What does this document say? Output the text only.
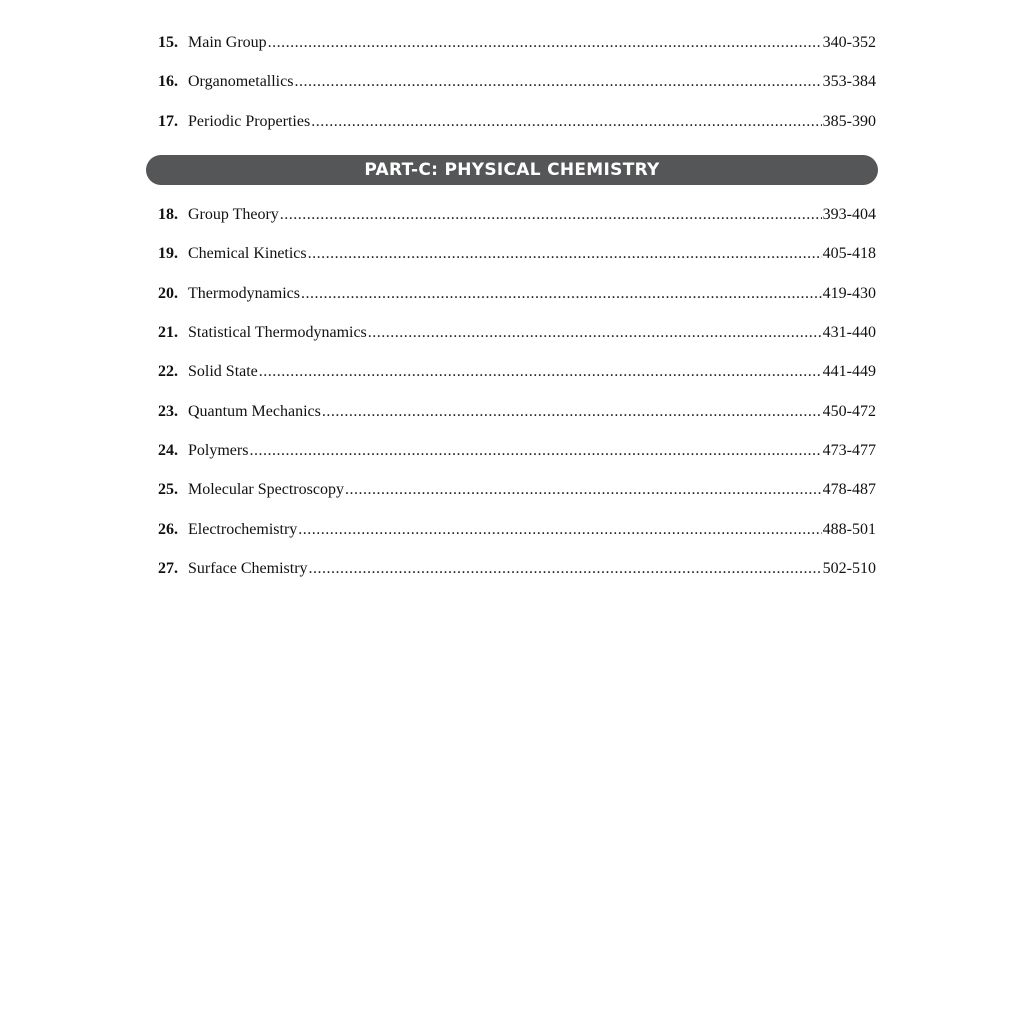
15. Main Group .....	340-352
16. Organometallics .....	353-384
17. Periodic Properties .....	385-390
PART-C: PHYSICAL CHEMISTRY
18. Group Theory .....	393-404
19. Chemical Kinetics .....	405-418
20. Thermodynamics .....	419-430
21. Statistical Thermodynamics .....	431-440
22. Solid State .....	441-449
23. Quantum Mechanics .....	450-472
24. Polymers .....	473-477
25. Molecular Spectroscopy .....	478-487
26. Electrochemistry .....	488-501
27. Surface Chemistry .....	502-510
